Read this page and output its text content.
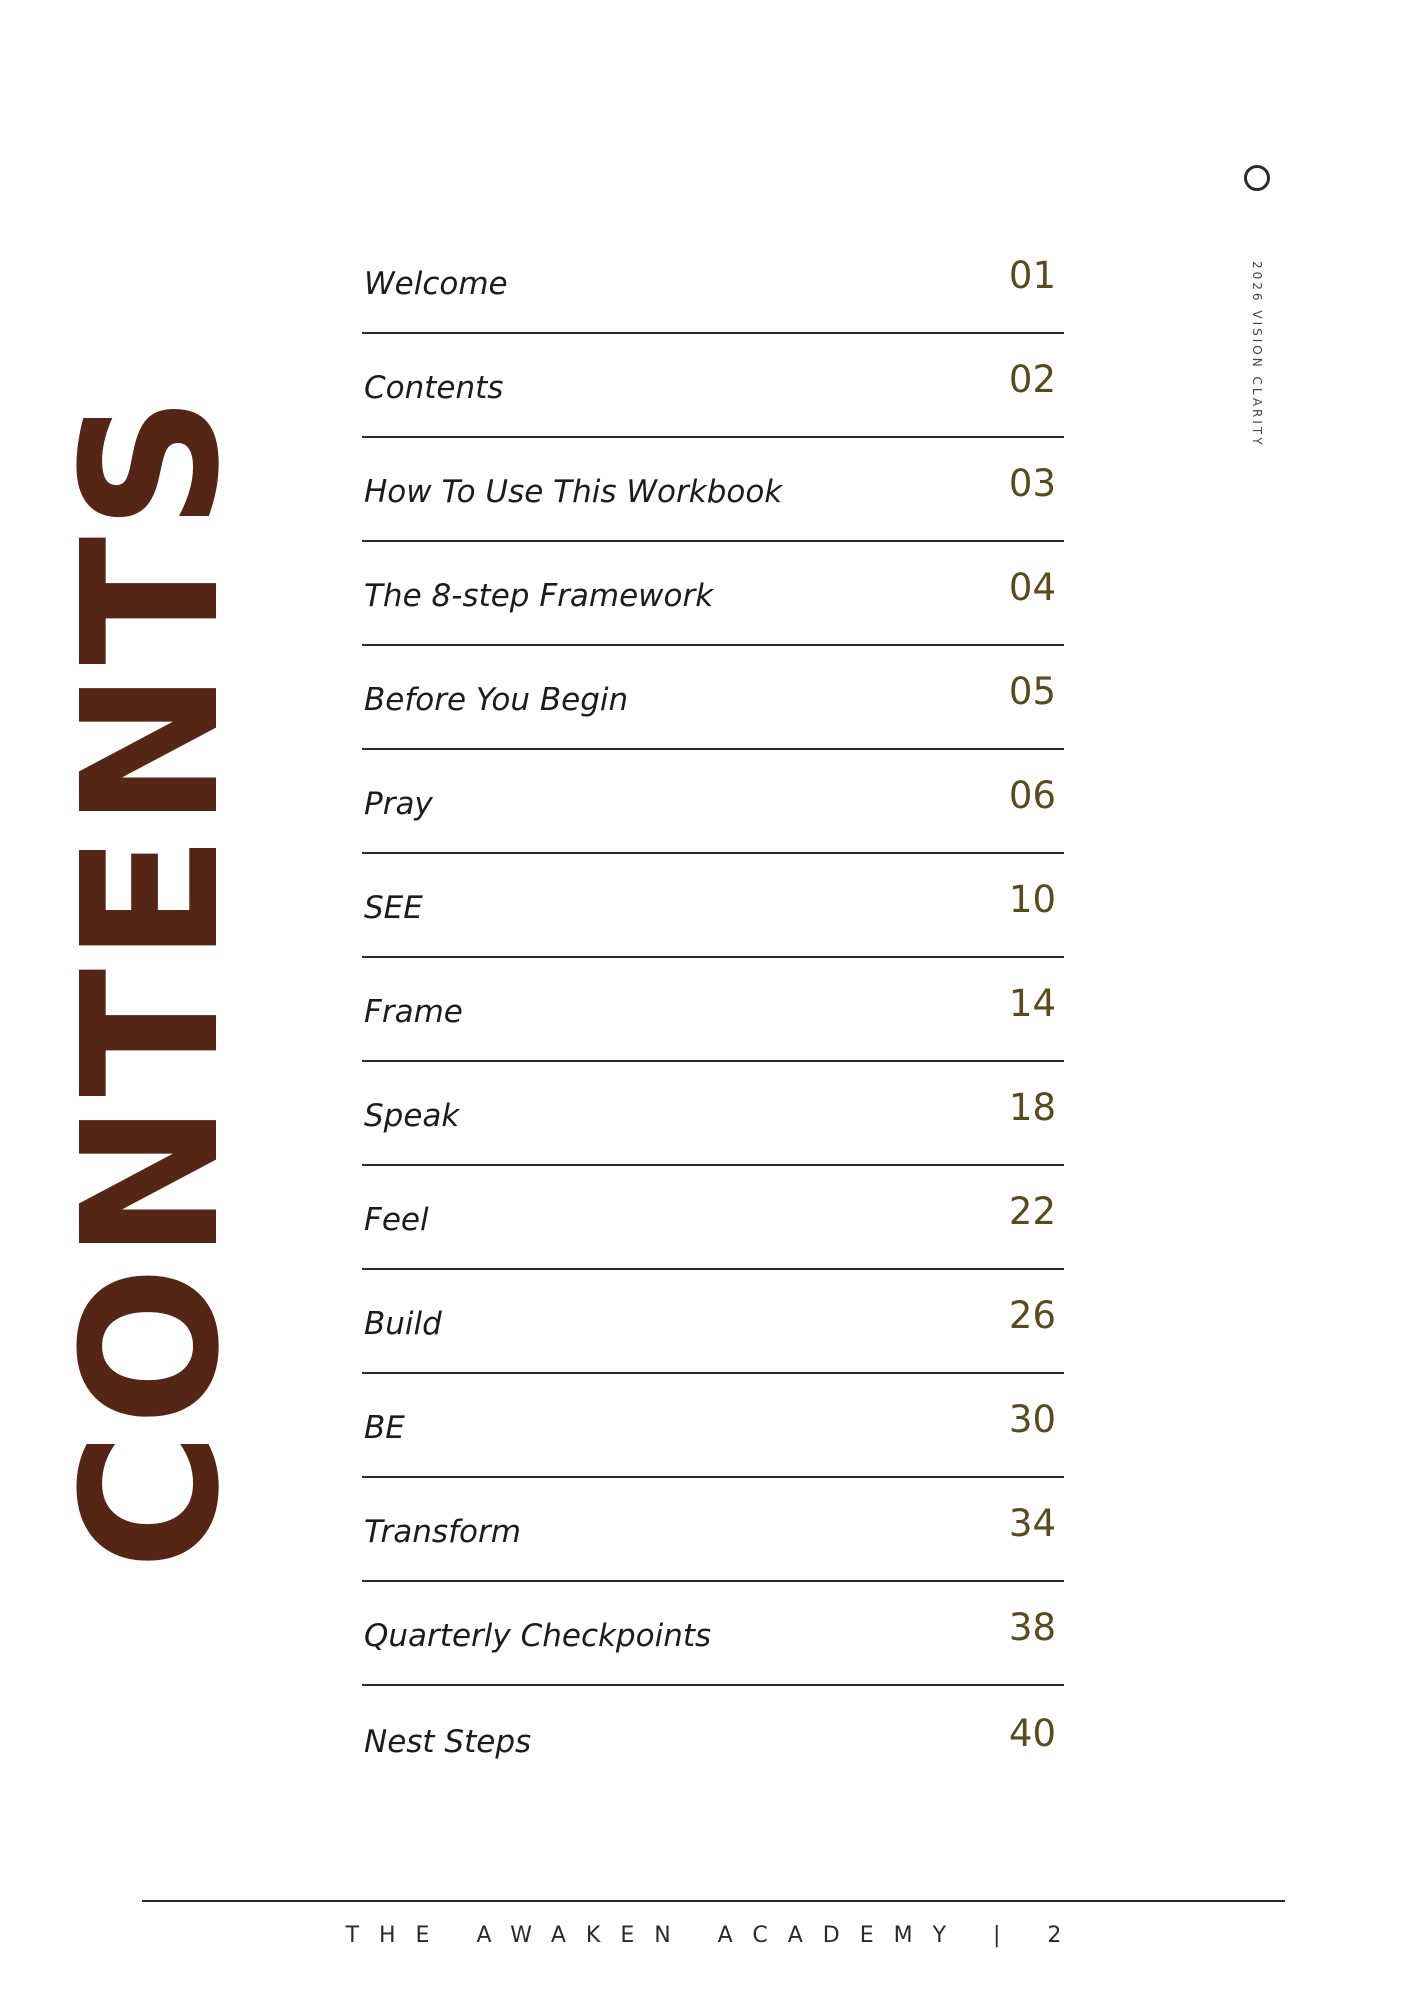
CONTENTS
2026 VISION CLARITY
Welcome	01
Contents	02
How To Use This Workbook	03
The 8-step Framework	04
Before You Begin	05
Pray	06
SEE	10
Frame	14
Speak	18
Feel	22
Build	26
BE	30
Transform	34
Quarterly Checkpoints	38
Nest Steps	40
THE AWAKEN ACADEMY | 2
